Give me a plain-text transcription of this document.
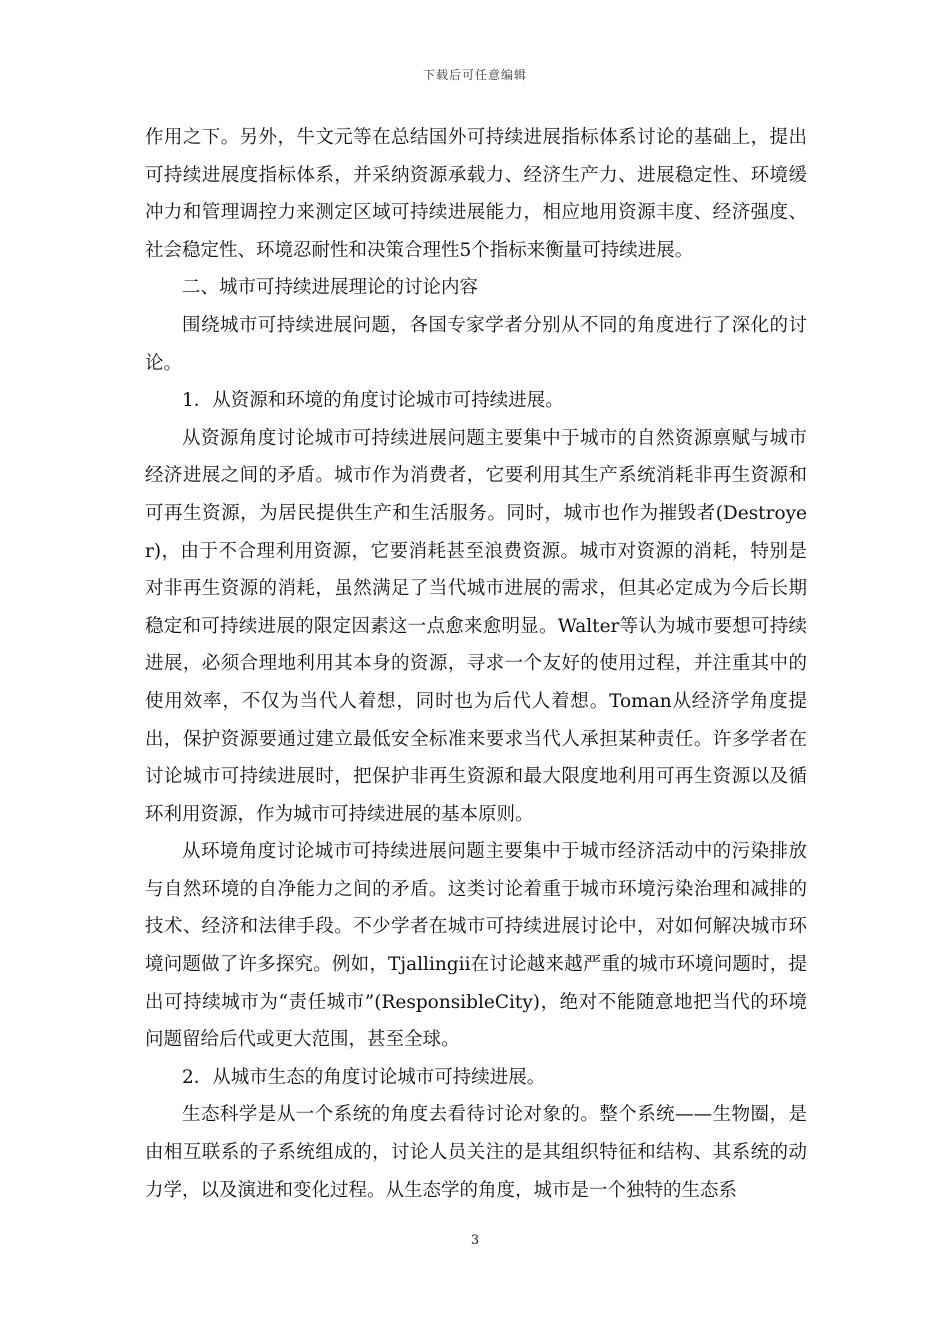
下载后可任意编辑

作用之下。另外，牛文元等在总结国外可持续进展指标体系讨论的基础上，提出可持续进展度指标体系，并采纳资源承载力、经济生产力、进展稳定性、环境缓冲力和管理调控力来测定区域可持续进展能力，相应地用资源丰度、经济强度、社会稳定性、环境忍耐性和决策合理性5个指标来衡量可持续进展。

二、城市可持续进展理论的讨论内容

围绕城市可持续进展问题，各国专家学者分别从不同的角度进行了深化的讨论。

1．从资源和环境的角度讨论城市可持续进展。

从资源角度讨论城市可持续进展问题主要集中于城市的自然资源禀赋与城市经济进展之间的矛盾。城市作为消费者，它要利用其生产系统消耗非再生资源和可再生资源，为居民提供生产和生活服务。同时，城市也作为摧毁者(Destroyer)，由于不合理利用资源，它要消耗甚至浪费资源。城市对资源的消耗，特别是对非再生资源的消耗，虽然满足了当代城市进展的需求，但其必定成为今后长期稳定和可持续进展的限定因素这一点愈来愈明显。Walter等认为城市要想可持续进展，必须合理地利用其本身的资源，寻求一个友好的使用过程，并注重其中的使用效率，不仅为当代人着想，同时也为后代人着想。Toman从经济学角度提出，保护资源要通过建立最低安全标准来要求当代人承担某种责任。许多学者在讨论城市可持续进展时，把保护非再生资源和最大限度地利用可再生资源以及循环利用资源，作为城市可持续进展的基本原则。

从环境角度讨论城市可持续进展问题主要集中于城市经济活动中的污染排放与自然环境的自净能力之间的矛盾。这类讨论着重于城市环境污染治理和减排的技术、经济和法律手段。不少学者在城市可持续进展讨论中，对如何解决城市环境问题做了许多探究。例如，Tjallingii在讨论越来越严重的城市环境问题时，提出可持续城市为“责任城市”(ResponsibleCity)，绝对不能随意地把当代的环境问题留给后代或更大范围，甚至全球。

2．从城市生态的角度讨论城市可持续进展。

生态科学是从一个系统的角度去看待讨论对象的。整个系统——生物圈，是由相互联系的子系统组成的，讨论人员关注的是其组织特征和结构、其系统的动力学，以及演进和变化过程。从生态学的角度，城市是一个独特的生态系

3
